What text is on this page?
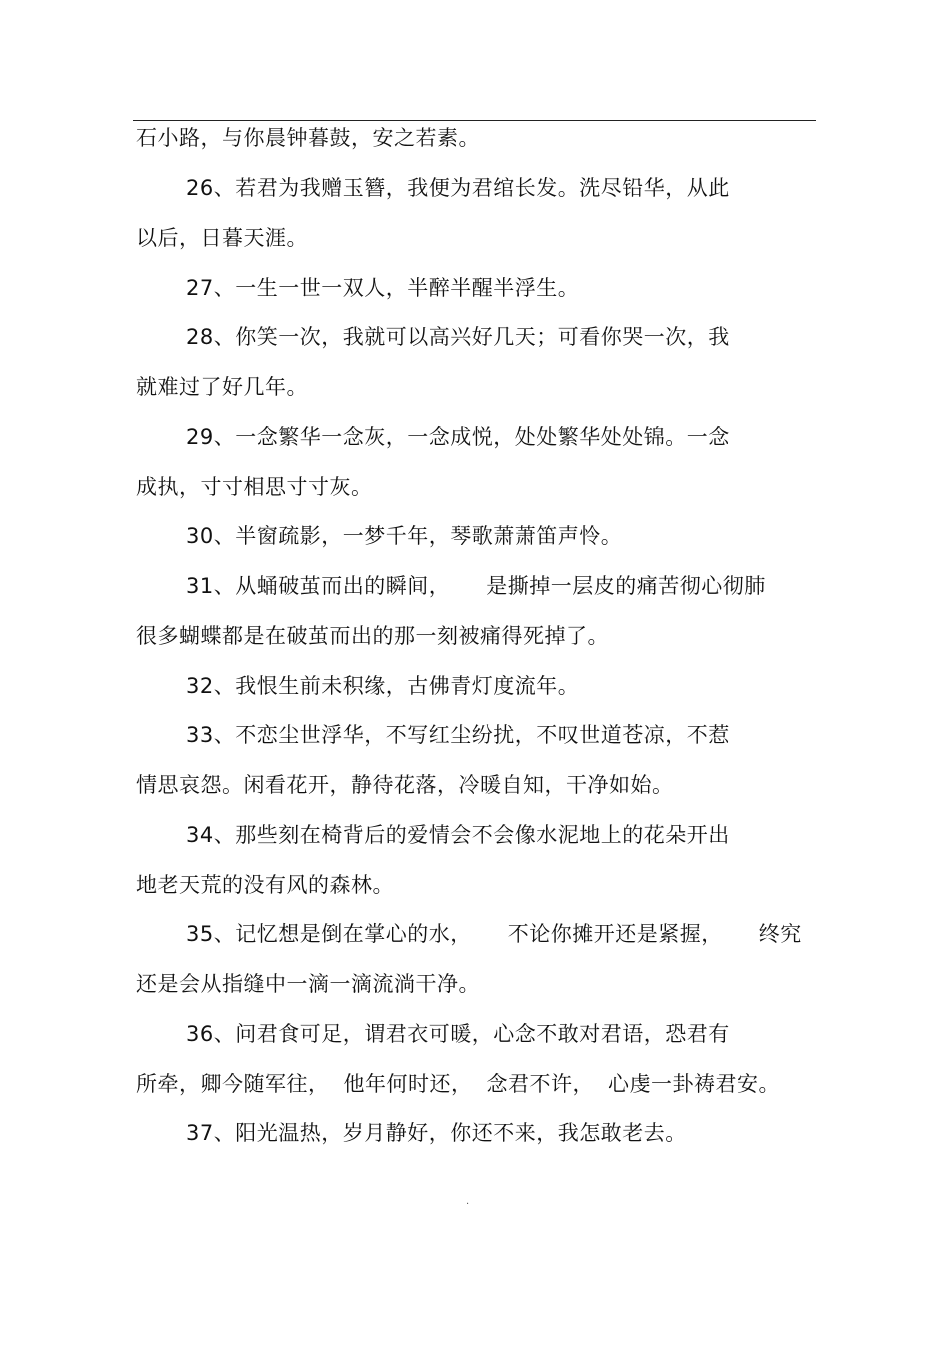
石小路，与你晨钟暮鼓，安之若素。
26、若君为我赠玉簪，我便为君绾长发。洗尽铅华，从此
以后，日暮天涯。
27、一生一世一双人，半醉半醒半浮生。
28、你笑一次，我就可以高兴好几天；可看你哭一次，我
就难过了好几年。
29、一念繁华一念灰，一念成悦，处处繁华处处锦。一念
成执，寸寸相思寸寸灰。
30、半窗疏影，一梦千年，琴歌萧萧笛声怜。
31、从蛹破茧而出的瞬间， 是撕掉一层皮的痛苦彻心彻肺
很多蝴蝶都是在破茧而出的那一刻被痛得死掉了。
32、我恨生前未积缘，古佛青灯度流年。
33、不恋尘世浮华，不写红尘纷扰，不叹世道苍凉，不惹
情思哀怨。闲看花开，静待花落，冷暖自知，干净如始。
34、那些刻在椅背后的爱情会不会像水泥地上的花朵开出
地老天荒的没有风的森林。
35、记忆想是倒在掌心的水， 不论你摊开还是紧握， 终究
还是会从指缝中一滴一滴流淌干净。
36、问君食可足，谓君衣可暖，心念不敢对君语，恐君有
所牵，卿今随军往， 他年何时还， 念君不许， 心虔一卦祷君安。
37、阳光温热，岁月静好，你还不来，我怎敢老去。
.
